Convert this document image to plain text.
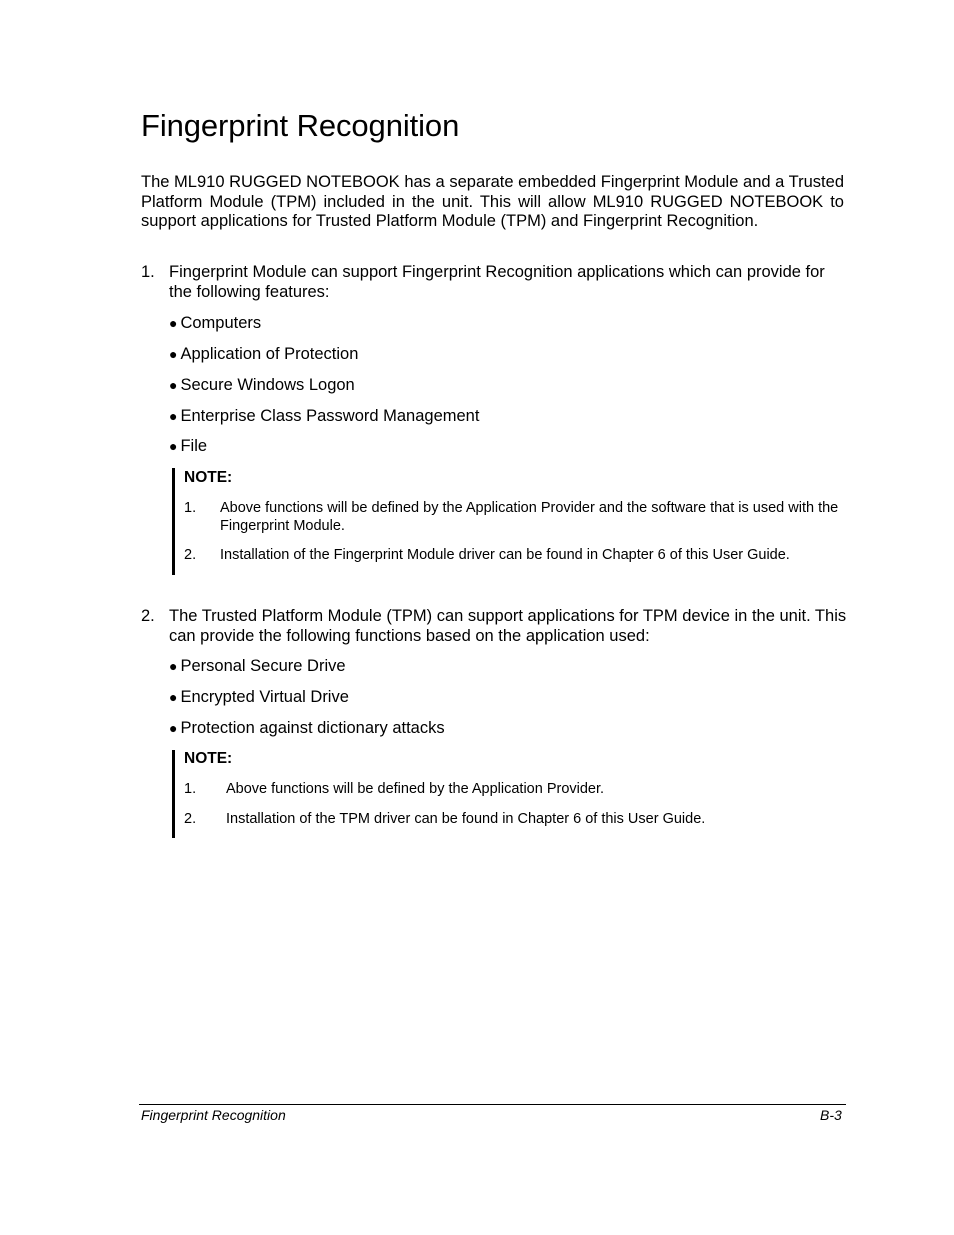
Fingerprint Recognition

The ML910 RUGGED NOTEBOOK has a separate embedded Fingerprint Module and a Trusted Platform Module (TPM) included in the unit. This will allow ML910 RUGGED NOTEBOOK to support applications for Trusted Platform Module (TPM) and Fingerprint Recognition.

1. Fingerprint Module can support Fingerprint Recognition applications which can provide for the following features:

● Computers
● Application of Protection
● Secure Windows Logon
● Enterprise Class Password Management
● File
NOTE:
1. Above functions will be defined by the Application Provider and the software that is used with the Fingerprint Module.

2. Installation of the Fingerprint Module driver can be found in Chapter 6 of this User Guide.

2. The Trusted Platform Module (TPM) can support applications for TPM device in the unit. This can provide the following functions based on the application used:

● Personal Secure Drive
● Encrypted Virtual Drive
● Protection against dictionary attacks
NOTE:
1. Above functions will be defined by the Application Provider.

2. Installation of the TPM driver can be found in Chapter 6 of this User Guide.

Fingerprint Recognition	B-3
